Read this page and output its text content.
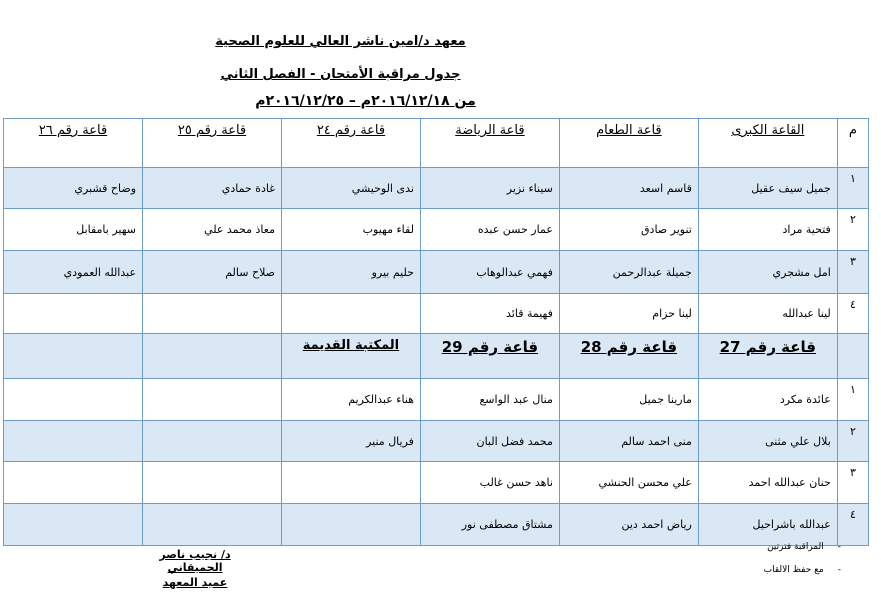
معهد د/امين ناشر العالي للعلوم الصحية
جدول مراقبة الأمتحان - الفصل الثاني
من ٢٠١٦/١٢/١٨م – ٢٠١٦/١٢/٢٥م
م	القاعة الكبرى	قاعة الطعام	قاعة الرياضة	قاعة رقم ٢٤	قاعة رقم ٢٥	قاعة رقم ٢٦
١	جميل سيف عقيل	قاسم اسعد	سيناء نزير	ندى الوحيشي	غادة حمادي	وضاح قشبري
٢	فتحية مراد	تنوير صادق	عمار حسن عبده	لقاء مهيوب	معاذ محمد علي	سهير بامقابل
٣	امل مشجري	جميلة عبدالرحمن	فهمي عبدالوهاب	حليم بيرو	صلاح سالم	عبدالله العمودي
٤	لينا عبدالله	لينا حزام	فهيمة قائد			
	قاعة رقم 27	قاعة رقم 28	قاعة رقم 29	المكتبة القديمة		
١	عائدة مكرد	مارينا جميل	منال عبد الواسع	هناء عبدالكريم		
٢	بلال علي مثنى	منى احمد سالم	محمد فضل البان	فريال منير		
٣	حنان عبدالله احمد	علي محسن الحنشي	ناهد حسن غالب			
٤	عبدالله باشراحيل	رياض احمد دين	مشتاق مصطفى نور			
-المراقبة فترتين
-مع حفظ الالقاب
د/ نجيب ناصر الحميقاني
عميد المعهد
